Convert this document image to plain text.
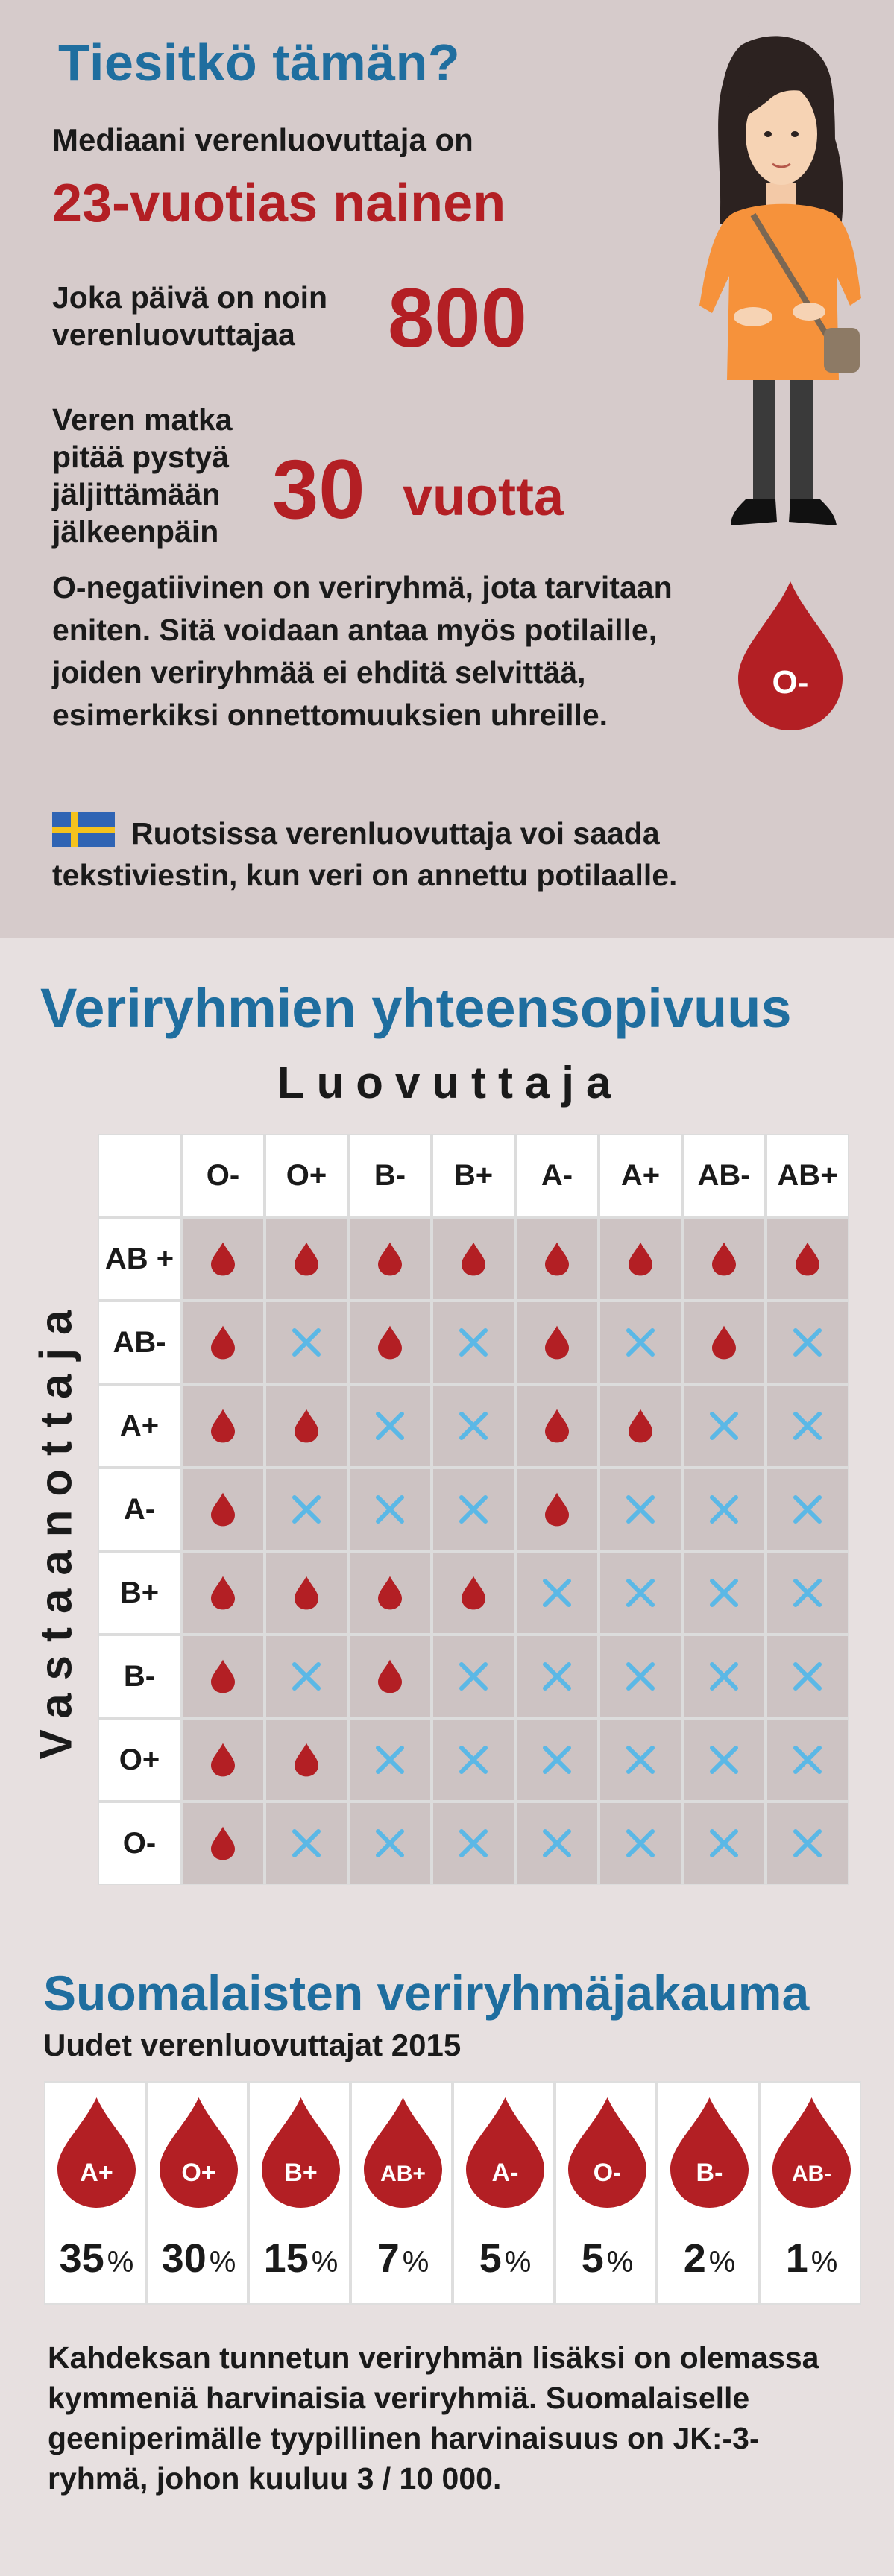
Tiesitkö tämän?
Mediaani verenluovuttaja on
23-vuotias nainen
Joka päivä on noin verenluovuttajaa	800
Veren matka pitää pystyä jäljittämään jälkeenpäin 30 vuotta
O-negatiivinen on veriryhmä, jota tarvitaan eniten. Sitä voidaan antaa myös potilaille, joiden veriryhmää ei ehditä selvittää, esimerkiksi onnettomuuksien uhreille.
O-
Ruotsissa verenluovuttaja voi saada
tekstiviestin, kun veri on annettu potilaalle.
Veriryhmien yhteensopivuus
Luovuttaja
Vastaanottaja
O-	O+	B-	B+	A-	A+	AB- AB+
AB +
AB-
A+
A-
B+
B-
O+
O-
Suomalaisten veriryhmäjakauma
Uudet verenluovuttajat 2015
A+
35 %
O+
30 %
B+
15 %
AB+
7 %
A-
5 %
O-
5 %
B-
2 %
AB-
1 %
Kahdeksan tunnetun veriryhmän lisäksi on olemassa kymmeniä harvinaisia veriryhmiä. Suomalaiselle geeniperimälle tyypillinen harvinaisuus on JK:-3-ryhmä, johon kuuluu 3 / 10 000.
